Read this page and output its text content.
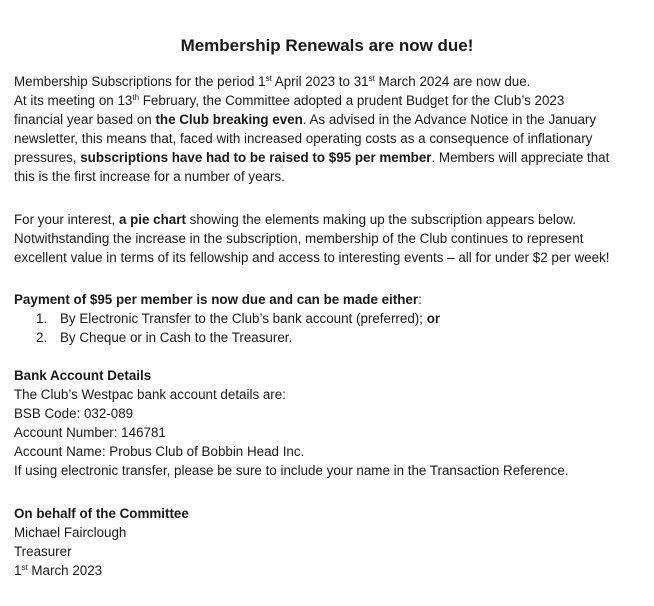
Membership Renewals are now due!
Membership Subscriptions for the period 1st April 2023 to 31st March 2024 are now due.
At its meeting on 13th February, the Committee adopted a prudent Budget for the Club’s 2023
financial year based on the Club breaking even. As advised in the Advance Notice in the January
newsletter, this means that, faced with increased operating costs as a consequence of inflationary
pressures, subscriptions have had to be raised to $95 per member. Members will appreciate that
this is the first increase for a number of years.
For your interest, a pie chart showing the elements making up the subscription appears below.
Notwithstanding the increase in the subscription, membership of the Club continues to represent
excellent value in terms of its fellowship and access to interesting events – all for under $2 per week!
Payment of $95 per member is now due and can be made either:
1. By Electronic Transfer to the Club’s bank account (preferred); or
2. By Cheque or in Cash to the Treasurer.
Bank Account Details
The Club’s Westpac bank account details are:
BSB Code: 032-089
Account Number: 146781
Account Name: Probus Club of Bobbin Head Inc.
If using electronic transfer, please be sure to include your name in the Transaction Reference.
On behalf of the Committee
Michael Fairclough
Treasurer
1st March 2023
